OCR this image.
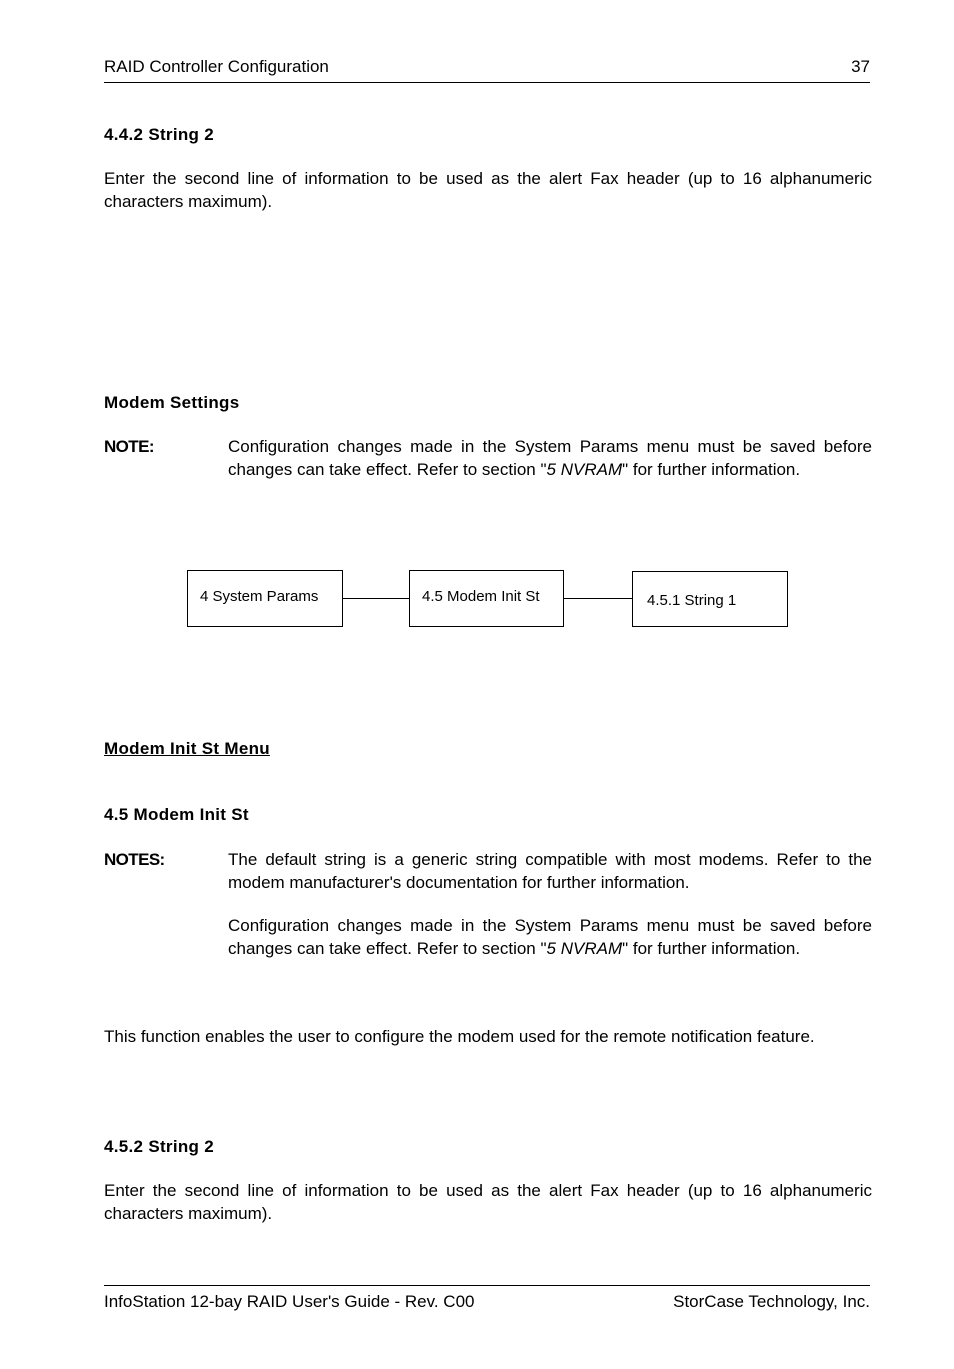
RAID Controller Configuration	37
4.4.2 String 2
Enter the second line of information to be used as the alert Fax header (up to 16 alphanumeric characters maximum).
Modem Settings
NOTE:	Configuration changes made in the System Params menu must be saved before changes can take effect. Refer to section "5 NVRAM" for further information.
4 System Params	4.5 Modem Init St	4.5.1 String 1
Modem Init St Menu
4.5 Modem Init St
NOTES:	The default string is a generic string compatible with most modems. Refer to the modem manufacturer's documentation for further information.
Configuration changes made in the System Params menu must be saved before changes can take effect. Refer to section "5 NVRAM" for further information.
This function enables the user to configure the modem used for the remote notification feature.
4.5.2 String 2
Enter the second line of information to be used as the alert Fax header (up to 16 alphanumeric characters maximum).
InfoStation 12-bay RAID User's Guide - Rev. C00	StorCase Technology, Inc.
